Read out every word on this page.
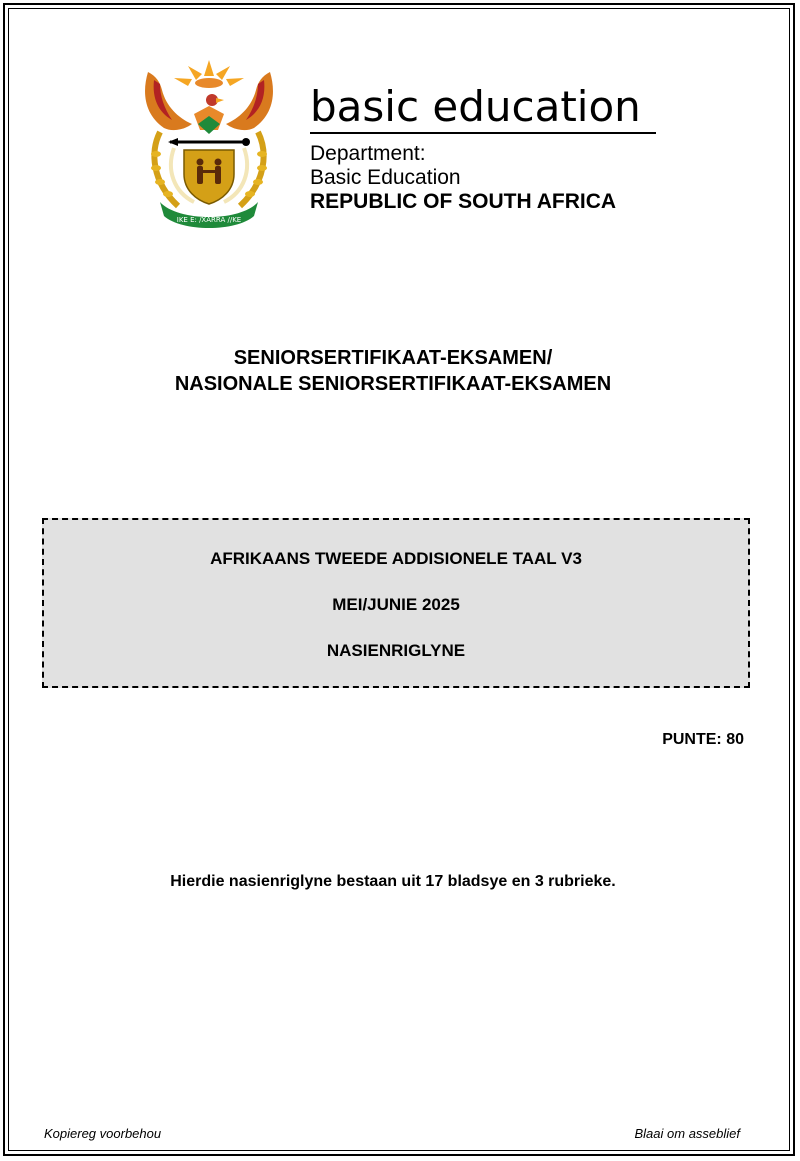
IKE E: /XARRA //KE
basic education
Department:
Basic Education
REPUBLIC OF SOUTH AFRICA
SENIORSERTIFIKAAT-EKSAMEN/
NASIONALE SENIORSERTIFIKAAT-EKSAMEN
AFRIKAANS TWEEDE ADDISIONELE TAAL V3
MEI/JUNIE 2025
NASIENRIGLYNE
PUNTE: 80
Hierdie nasienriglyne bestaan uit 17 bladsye en 3 rubrieke.
Kopiereg voorbehou	Blaai om asseblief
